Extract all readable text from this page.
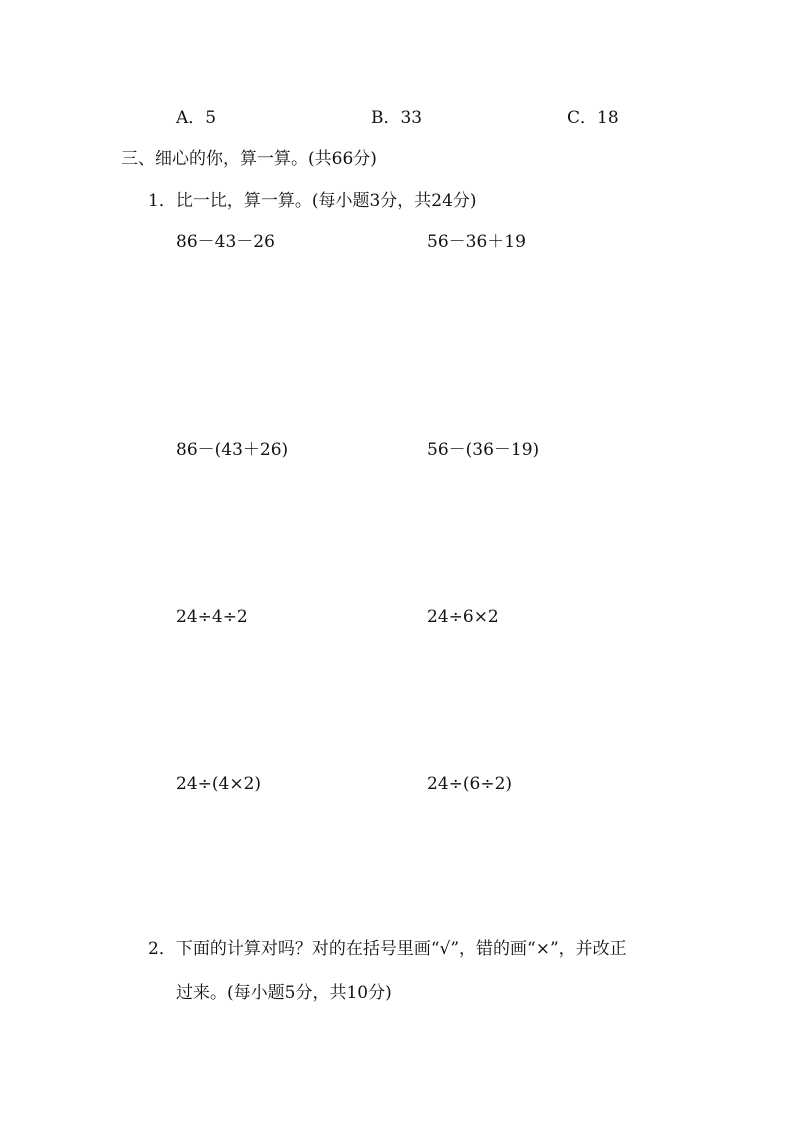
A．5	B．33	C．18
三、细心的你，算一算。(共66分)
1．比一比，算一算。(每小题3分，共24分)
86－43－26	56－36＋19
86－(43＋26)	56－(36－19)
24÷4÷2	24÷6×2
24÷(4×2)	24÷(6÷2)
2．下面的计算对吗？对的在括号里画“√”，错的画“×”，并改正
过来。(每小题5分，共10分)
